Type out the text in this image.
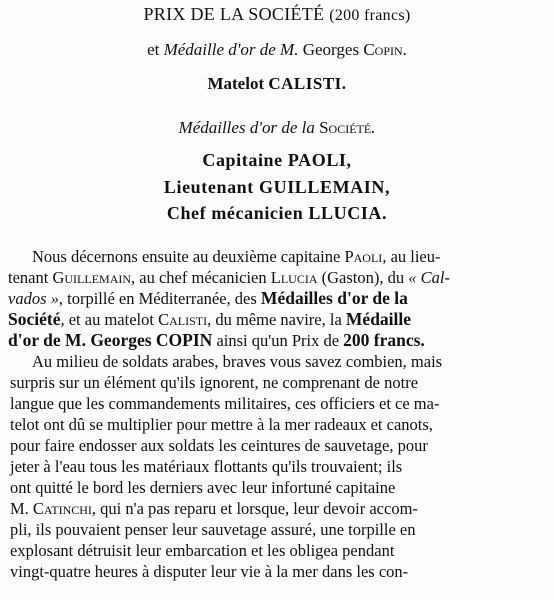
PRIX DE LA SOCIÉTÉ (200 francs)
et Médaille d'or de M. Georges Copin.
Matelot CALISTI.
Médailles d'or de la Société.
Capitaine PAOLI,
Lieutenant GUILLEMAIN,
Chef mécanicien LLUCIA.
Nous décernons ensuite au deuxième capitaine Paoli, au lieu-
tenant Guillemain, au chef mécanicien Llucia (Gaston), du « Cal-
vados », torpillé en Méditerranée, des Médailles d'or de la
Société, et au matelot Calisti, du même navire, la Médaille
d'or de M. Georges COPIN ainsi qu'un Prix de 200 francs.
Au milieu de soldats arabes, braves vous savez combien, mais
surpris sur un élément qu'ils ignorent, ne comprenant de notre
langue que les commandements militaires, ces officiers et ce ma-
telot ont dû se multiplier pour mettre à la mer radeaux et canots,
pour faire endosser aux soldats les ceintures de sauvetage, pour
jeter à l'eau tous les matériaux flottants qu'ils trouvaient; ils
ont quitté le bord les derniers avec leur infortuné capitaine
M. Catinchi, qui n'a pas reparu et lorsque, leur devoir accom-
pli, ils pouvaient penser leur sauvetage assuré, une torpille en
explosant détruisit leur embarcation et les obligea pendant
vingt-quatre heures à disputer leur vie à la mer dans les con-
